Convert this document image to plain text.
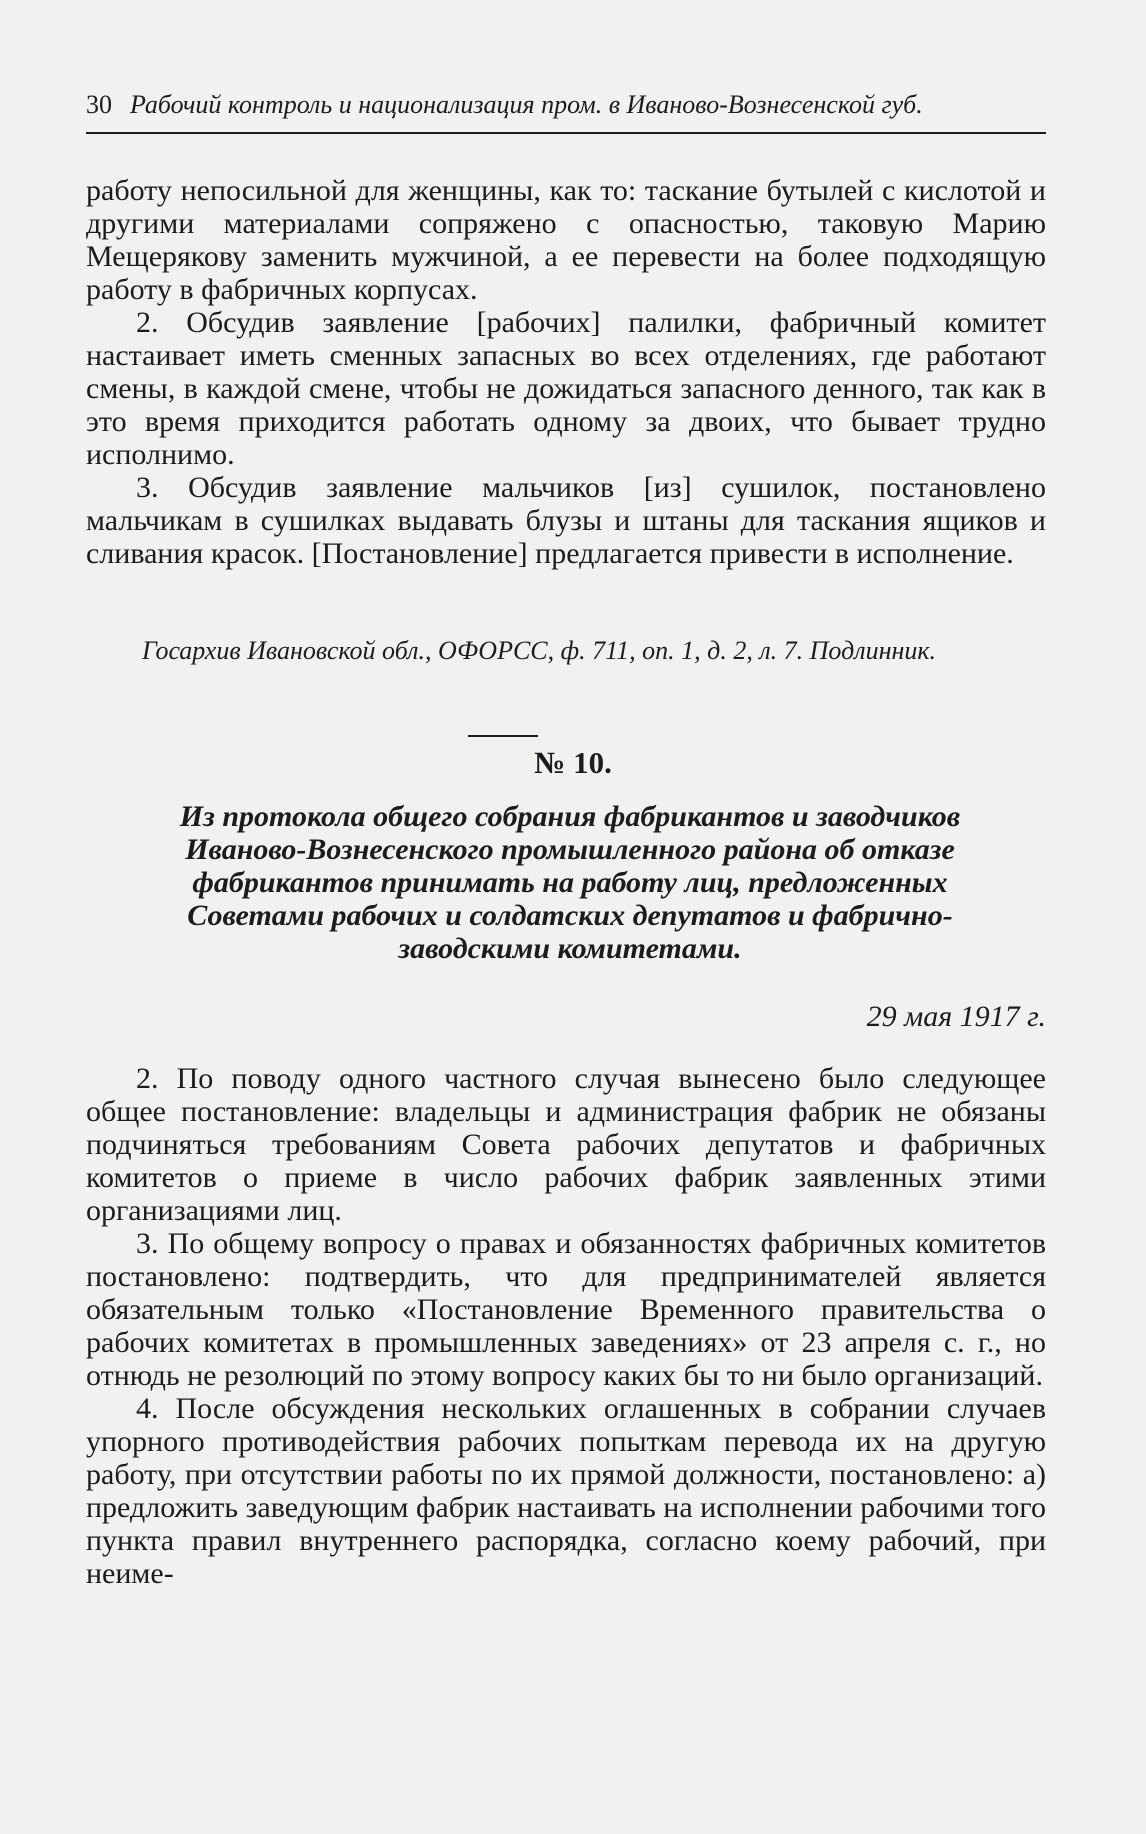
30 Рабочий контроль и национализация пром. в Иваново-Вознесенской губ.

работу непосильной для женщины, как то: таскание бутылей с кислотой и другими материалами сопряжено с опасностью, таковую Марию Мещерякову заменить мужчиной, а ее перевести на более подходящую работу в фабричных корпусах.

2. Обсудив заявление [рабочих] палилки, фабричный комитет настаивает иметь сменных запасных во всех отделениях, где работают смены, в каждой смене, чтобы не дожидаться запасного денного, так как в это время приходится работать одному за двоих, что бывает трудно исполнимо.

3. Обсудив заявление мальчиков [из] сушилок, постановлено мальчикам в сушилках выдавать блузы и штаны для таскания ящиков и сливания красок. [Постановление] предлагается привести в исполнение.

Госархив Ивановской обл., ОФОРСС, ф. 711, оп. 1, д. 2, л. 7. Подлинник.
№ 10.
Из протокола общего собрания фабрикантов и заводчиков Иваново-Вознесенского промышленного района об отказе фабрикантов принимать на работу лиц, предложенных Советами рабочих и солдатских депутатов и фабрично-заводскими комитетами.
29 мая 1917 г.

2. По поводу одного частного случая вынесено было следующее общее постановление: владельцы и администрация фабрик не обязаны подчиняться требованиям Совета рабочих депутатов и фабричных комитетов о приеме в число рабочих фабрик заявленных этими организациями лиц.

3. По общему вопросу о правах и обязанностях фабричных комитетов постановлено: подтвердить, что для предпринимателей является обязательным только «Постановление Временного правительства о рабочих комитетах в промышленных заведениях» от 23 апреля с. г., но отнюдь не резолюций по этому вопросу каких бы то ни было организаций.

4. После обсуждения нескольких оглашенных в собрании случаев упорного противодействия рабочих попыткам перевода их на другую работу, при отсутствии работы по их прямой должности, постановлено: а) предложить заведующим фабрик настаивать на исполнении рабочими того пункта правил внутреннего распорядка, согласно коему рабочий, при неиме-
